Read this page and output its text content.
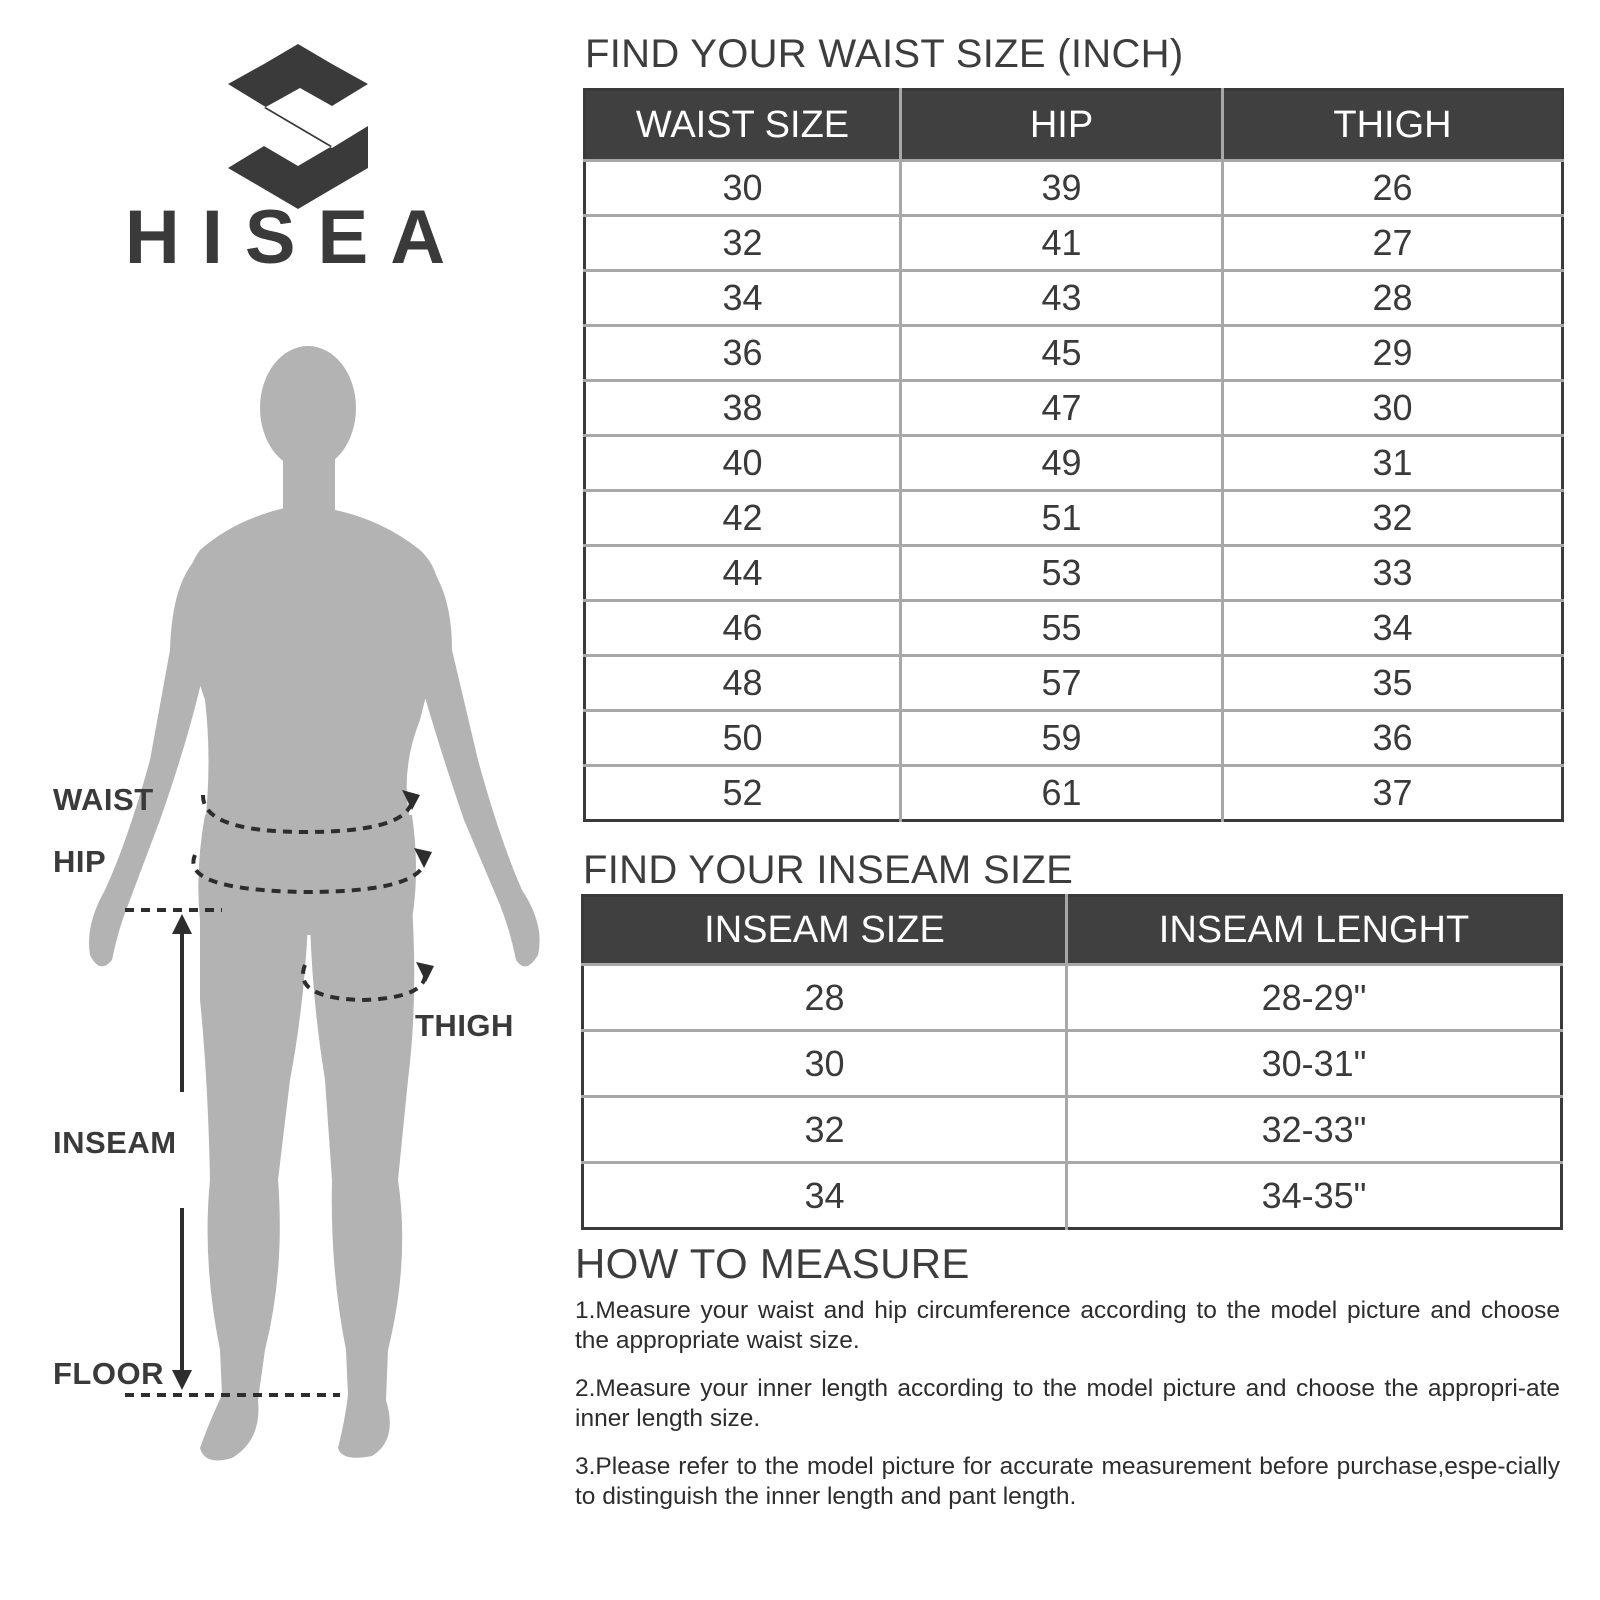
HISEA
WAIST
HIP
THIGH
INSEAM
FLOOR
FIND YOUR WAIST SIZE (INCH)
WAIST SIZE	HIP	THIGH
30	39	26
32	41	27
34	43	28
36	45	29
38	47	30
40	49	31
42	51	32
44	53	33
46	55	34
48	57	35
50	59	36
52	61	37
FIND YOUR INSEAM SIZE
INSEAM SIZE	INSEAM LENGHT
28	28-29"
30	30-31"
32	32-33"
34	34-35"
HOW TO MEASURE

1.Measure your waist and hip circumference according to the model picture and choose the appropriate waist size.

2.Measure your inner length according to the model picture and choose the appropri-ate inner length size.

3.Please refer to the model picture for accurate measurement before purchase,espe-cially to distinguish the inner length and pant length.
